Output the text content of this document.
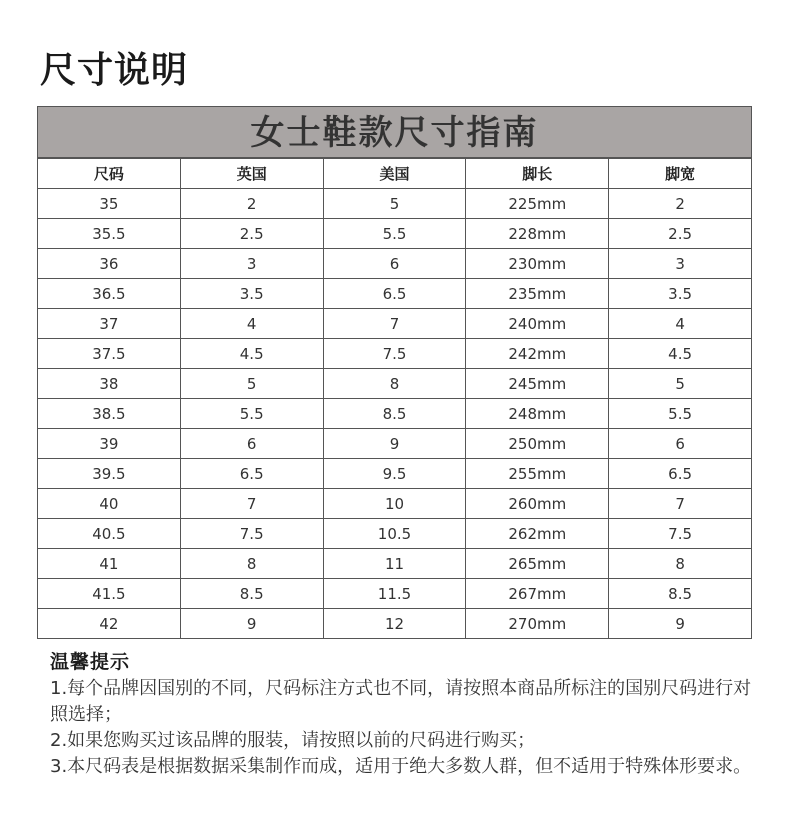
尺寸说明
女士鞋款尺寸指南
尺码	英国	美国	脚长	脚宽
35	2	5	225mm	2
35.5	2.5	5.5	228mm	2.5
36	3	6	230mm	3
36.5	3.5	6.5	235mm	3.5
37	4	7	240mm	4
37.5	4.5	7.5	242mm	4.5
38	5	8	245mm	5
38.5	5.5	8.5	248mm	5.5
39	6	9	250mm	6
39.5	6.5	9.5	255mm	6.5
40	7	10	260mm	7
40.5	7.5	10.5	262mm	7.5
41	8	11	265mm	8
41.5	8.5	11.5	267mm	8.5
42	9	12	270mm	9
温馨提示
1.每个品牌因国别的不同，尺码标注方式也不同，请按照本商品所标注的国别尺码进行对照选择；
2.如果您购买过该品牌的服装，请按照以前的尺码进行购买；
3.本尺码表是根据数据采集制作而成，适用于绝大多数人群，但不适用于特殊体形要求。
